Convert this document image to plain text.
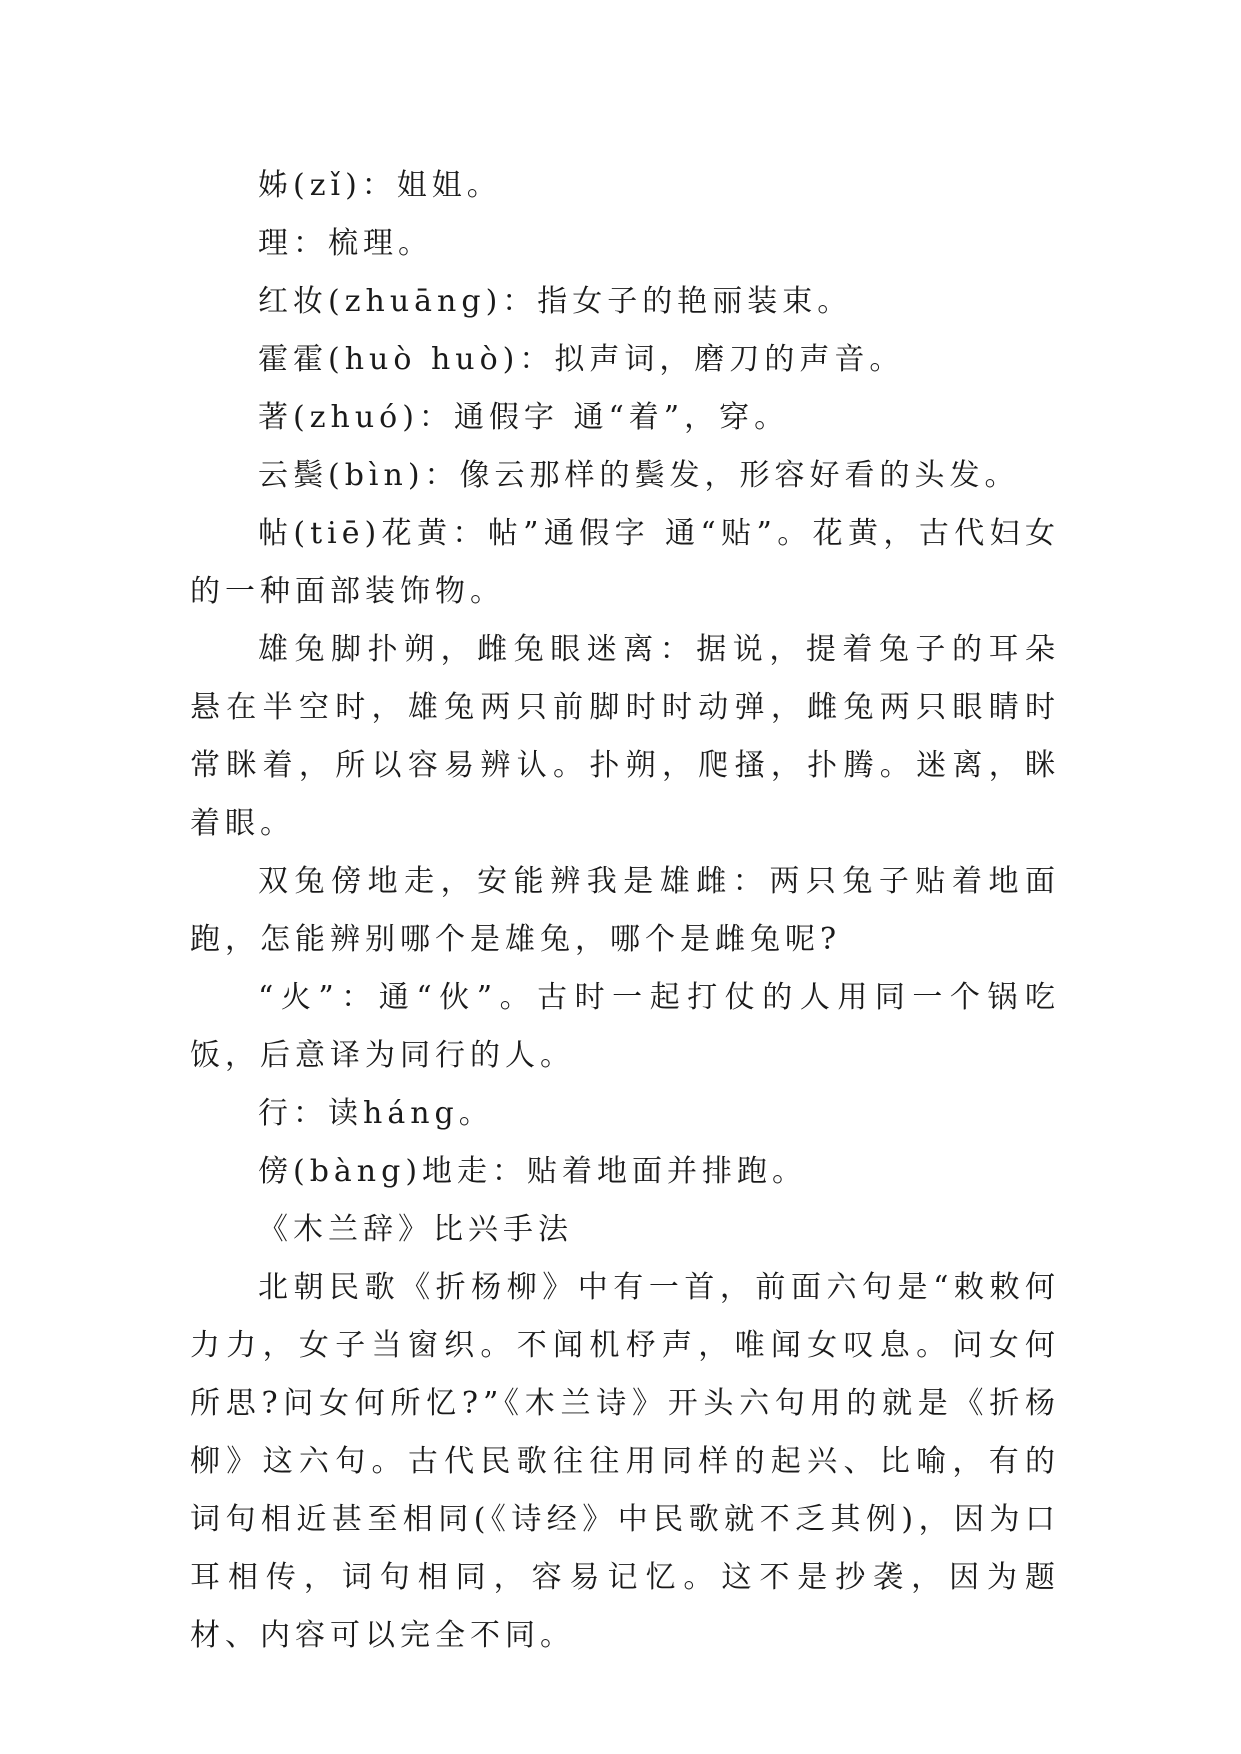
姊(zǐ)：姐姐。

理：梳理。

红妆(zhuāng)：指女子的艳丽装束。

霍霍(huò huò)：拟声词，磨刀的声音。

著(zhuó)：通假字 通“着”，穿。

云鬓(bìn)：像云那样的鬓发，形容好看的头发。

帖(tiē)花黄：帖”通假字 通“贴”。花黄，古代妇女的一种面部装饰物。

雄兔脚扑朔，雌兔眼迷离：据说，提着兔子的耳朵悬在半空时，雄兔两只前脚时时动弹，雌兔两只眼睛时常眯着，所以容易辨认。扑朔，爬搔，扑腾。迷离，眯着眼。

双兔傍地走，安能辨我是雄雌：两只兔子贴着地面跑，怎能辨别哪个是雄兔，哪个是雌兔呢?

“火”：通“伙”。古时一起打仗的人用同一个锅吃饭，后意译为同行的人。

行：读háng。

傍(bàng)地走：贴着地面并排跑。

《木兰辞》比兴手法

北朝民歌《折杨柳》中有一首，前面六句是“敕敕何力力，女子当窗织。不闻机杼声，唯闻女叹息。问女何所思?问女何所忆?”《木兰诗》开头六句用的就是《折杨柳》这六句。古代民歌往往用同样的起兴、比喻，有的词句相近甚至相同(《诗经》中民歌就不乏其例)，因为口耳相传，词句相同，容易记忆。这不是抄袭，因为题材、内容可以完全不同。
